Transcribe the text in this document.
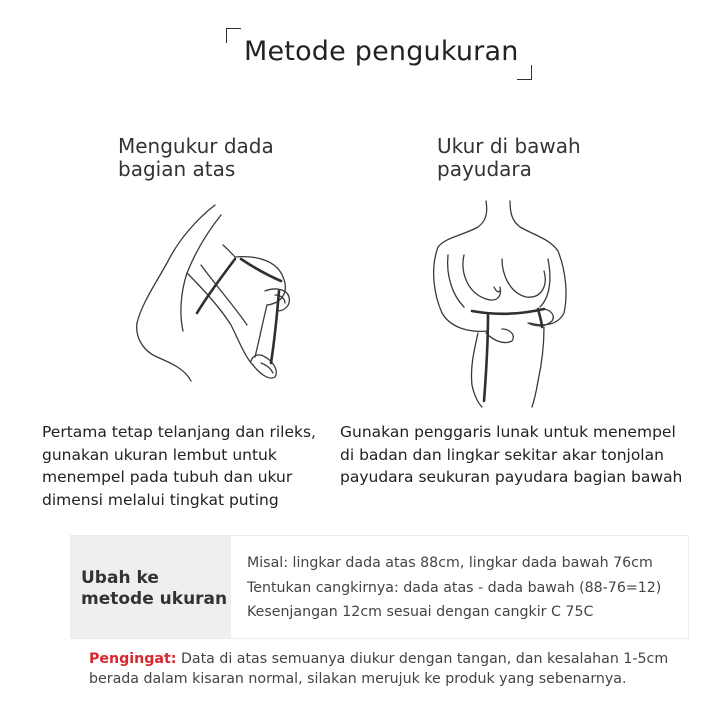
Metode pengukuran
Mengukur dada
bagian atas
Ukur di bawah
payudara
Pertama tetap telanjang dan rileks,
gunakan ukuran lembut untuk
menempel pada tubuh dan ukur
dimensi melalui tingkat puting
Gunakan penggaris lunak untuk menempel
di badan dan lingkar sekitar akar tonjolan
payudara seukuran payudara bagian bawah
Ubah ke metode ukuran
Misal: lingkar dada atas 88cm, lingkar dada bawah 76cm
Tentukan cangkirnya: dada atas - dada bawah (88-76=12)
Kesenjangan 12cm sesuai dengan cangkir C 75C
Pengingat: Data di atas semuanya diukur dengan tangan, dan kesalahan 1-5cm berada dalam kisaran normal, silakan merujuk ke produk yang sebenarnya.
